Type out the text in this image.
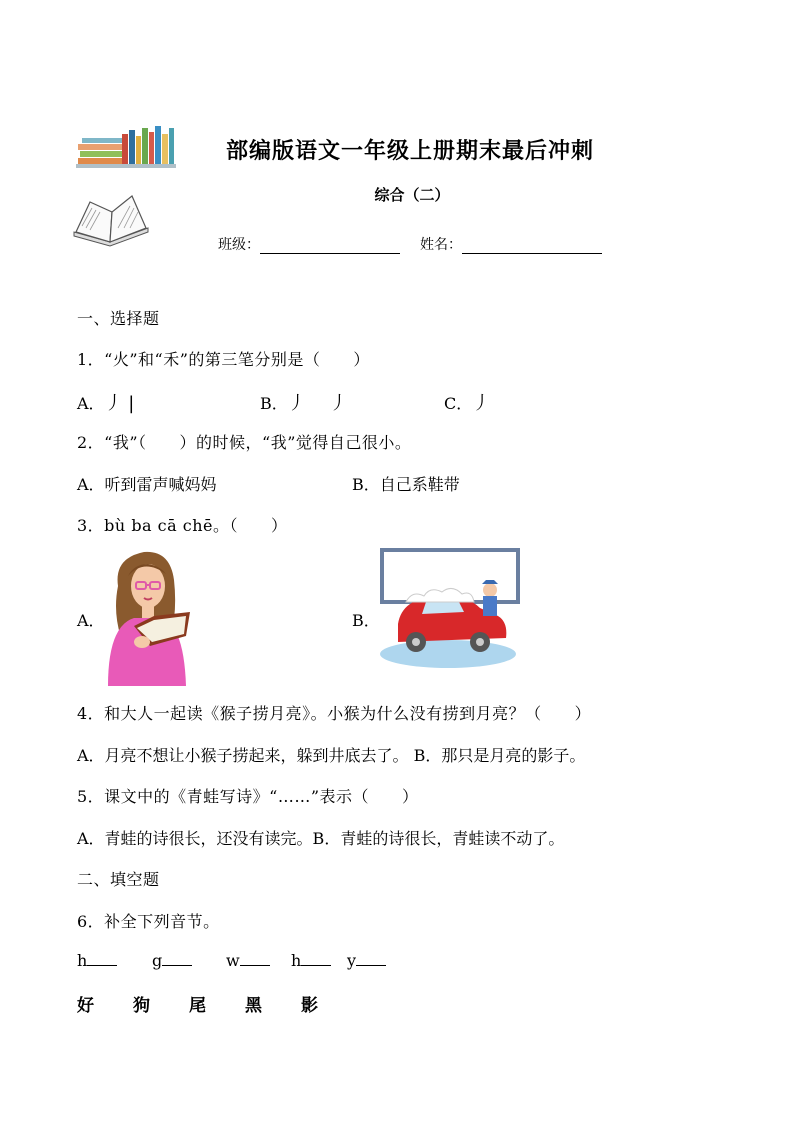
部编版语文一年级上册期末最后冲刺
综合（二）
班级：	姓名：
一、选择题
1．“火”和“禾”的第三笔分别是（　　）
A．丿 |	B．丿　 丿	C．丿
2．“我”（　　）的时候，“我”觉得自己很小。
A．听到雷声喊妈妈	B．自己系鞋带
3．bù ba cā chē。（　　）
A．	B．
4．和大人一起读《猴子捞月亮》。小猴为什么没有捞到月亮？（　　）
A．月亮不想让小猴子捞起来，躲到井底去了。 B．那只是月亮的影子。
5．课文中的《青蛙写诗》“……”表示（　　）
A．青蛙的诗很长，还没有读完。B．青蛙的诗很长，青蛙读不动了。
二、填空题
6．补全下列音节。
h	g	w	h	y
好 狗 尾 黑 影
